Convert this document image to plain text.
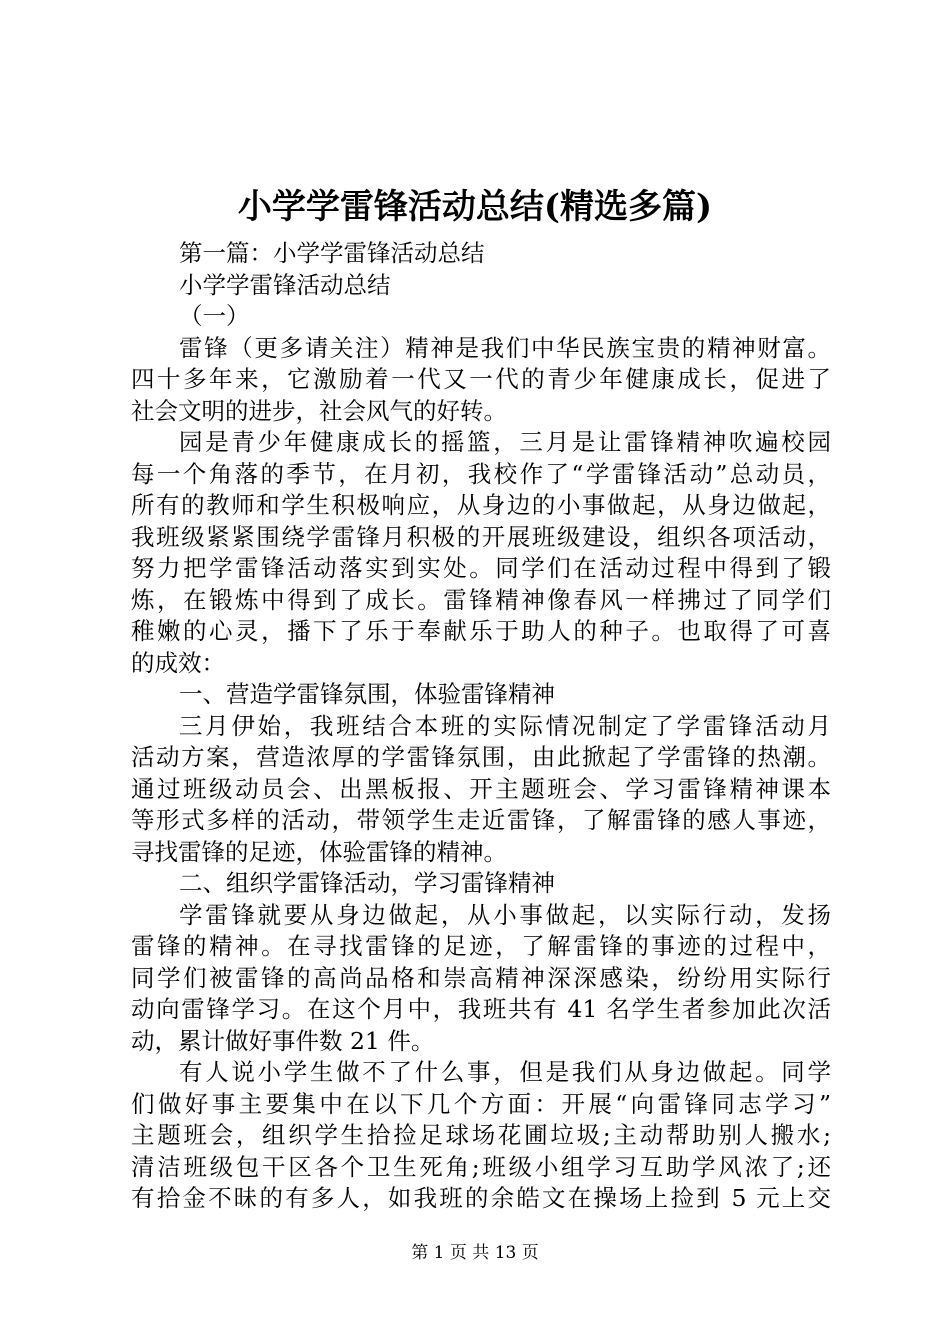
小学学雷锋活动总结(精选多篇)
第一篇：小学学雷锋活动总结
小学学雷锋活动总结
（一）
雷锋（更多请关注）精神是我们中华民族宝贵的精神财富。
四十多年来，它激励着一代又一代的青少年健康成长，促进了
社会文明的进步，社会风气的好转。
园是青少年健康成长的摇篮，三月是让雷锋精神吹遍校园
每一个角落的季节，在月初，我校作了“学雷锋活动”总动员，
所有的教师和学生积极响应，从身边的小事做起，从身边做起，
我班级紧紧围绕学雷锋月积极的开展班级建设，组织各项活动，
努力把学雷锋活动落实到实处。同学们在活动过程中得到了锻
炼，在锻炼中得到了成长。雷锋精神像春风一样拂过了同学们
稚嫩的心灵，播下了乐于奉献乐于助人的种子。也取得了可喜
的成效：
一、营造学雷锋氛围，体验雷锋精神
三月伊始，我班结合本班的实际情况制定了学雷锋活动月
活动方案，营造浓厚的学雷锋氛围，由此掀起了学雷锋的热潮。
通过班级动员会、出黑板报、开主题班会、学习雷锋精神课本
等形式多样的活动，带领学生走近雷锋，了解雷锋的感人事迹，
寻找雷锋的足迹，体验雷锋的精神。
二、组织学雷锋活动，学习雷锋精神
学雷锋就要从身边做起，从小事做起，以实际行动，发扬
雷锋的精神。在寻找雷锋的足迹，了解雷锋的事迹的过程中，
同学们被雷锋的高尚品格和崇高精神深深感染，纷纷用实际行
动向雷锋学习。在这个月中，我班共有 41 名学生者参加此次活
动，累计做好事件数 21 件。
有人说小学生做不了什么事，但是我们从身边做起。同学
们做好事主要集中在以下几个方面：开展“向雷锋同志学习”
主题班会，组织学生拾捡足球场花圃垃圾;主动帮助别人搬水;
清洁班级包干区各个卫生死角;班级小组学习互助学风浓了;还
有拾金不昧的有多人，如我班的余皓文在操场上捡到 5 元上交
第 1 页 共 13 页
